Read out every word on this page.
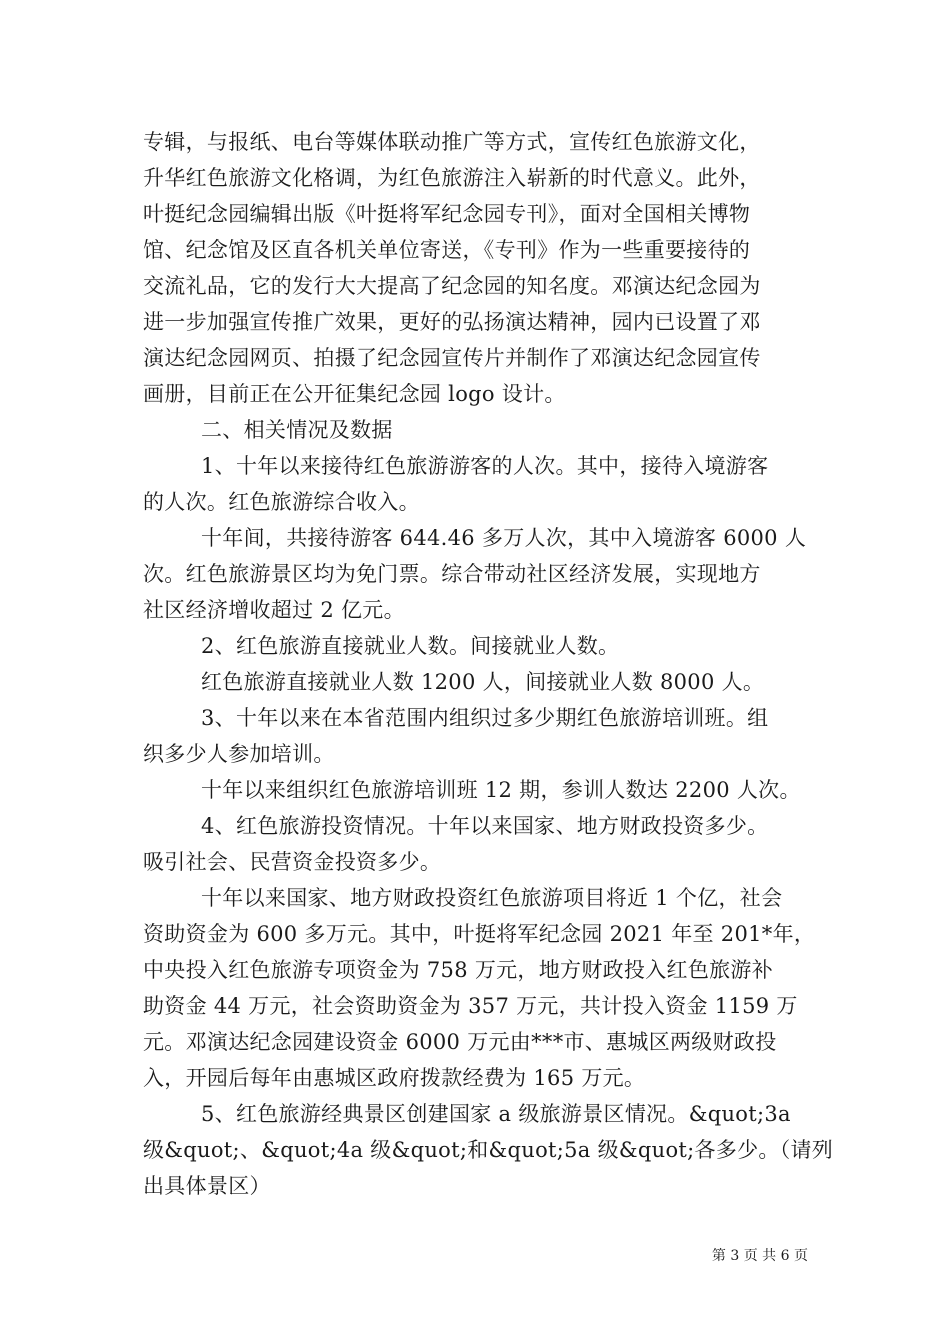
专辑，与报纸、电台等媒体联动推广等方式，宣传红色旅游文化，
升华红色旅游文化格调，为红色旅游注入崭新的时代意义。此外，
叶挺纪念园编辑出版《叶挺将军纪念园专刊》，面对全国相关博物
馆、纪念馆及区直各机关单位寄送，《专刊》作为一些重要接待的
交流礼品，它的发行大大提高了纪念园的知名度。邓演达纪念园为
进一步加强宣传推广效果，更好的弘扬演达精神，园内已设置了邓
演达纪念园网页、拍摄了纪念园宣传片并制作了邓演达纪念园宣传
画册，目前正在公开征集纪念园 logo 设计。
二、相关情况及数据
1、十年以来接待红色旅游游客的人次。其中，接待入境游客
的人次。红色旅游综合收入。
十年间，共接待游客 644.46 多万人次，其中入境游客 6000 人
次。红色旅游景区均为免门票。综合带动社区经济发展，实现地方
社区经济增收超过 2 亿元。
2、红色旅游直接就业人数。间接就业人数。
红色旅游直接就业人数 1200 人，间接就业人数 8000 人。
3、十年以来在本省范围内组织过多少期红色旅游培训班。组
织多少人参加培训。
十年以来组织红色旅游培训班 12 期，参训人数达 2200 人次。
4、红色旅游投资情况。十年以来国家、地方财政投资多少。
吸引社会、民营资金投资多少。
十年以来国家、地方财政投资红色旅游项目将近 1 个亿，社会
资助资金为 600 多万元。其中，叶挺将军纪念园 2021 年至 201*年，
中央投入红色旅游专项资金为 758 万元，地方财政投入红色旅游补
助资金 44 万元，社会资助资金为 357 万元，共计投入资金 1159 万
元。邓演达纪念园建设资金 6000 万元由***市、惠城区两级财政投
入，开园后每年由惠城区政府拨款经费为 165 万元。
5、红色旅游经典景区创建国家 a 级旅游景区情况。&quot;3a
级&quot;、&quot;4a 级&quot;和&quot;5a 级&quot;各多少。（请列
出具体景区）
第 3 页 共 6 页
